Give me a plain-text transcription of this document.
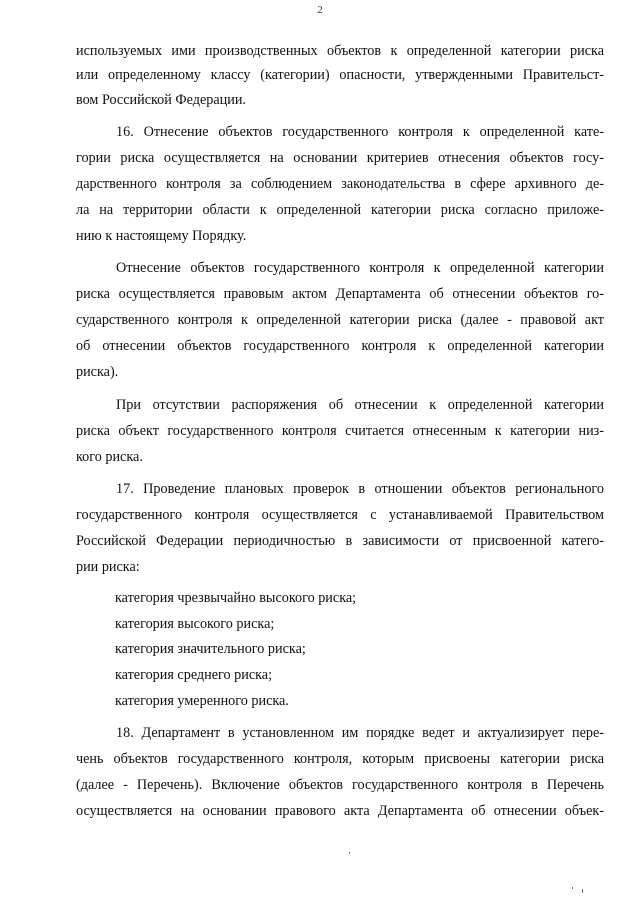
2
используемых ими производственных объектов к определенной категории риска
или определенному классу (категории) опасности, утвержденными Правительст-
вом Российской Федерации.
16. Отнесение объектов государственного контроля к определенной кате-
гории риска осуществляется на основании критериев отнесения объектов госу-
дарственного контроля за соблюдением законодательства в сфере архивного де-
ла на территории области к определенной категории риска согласно приложе-
нию к настоящему Порядку.
Отнесение объектов государственного контроля к определенной категории
риска осуществляется правовым актом Департамента об отнесении объектов го-
сударственного контроля к определенной категории риска (далее - правовой акт
об отнесении объектов государственного контроля к определенной категории
риска).
При отсутствии распоряжения об отнесении к определенной категории
риска объект государственного контроля считается отнесенным к категории низ-
кого риска.
17. Проведение плановых проверок в отношении объектов регионального
государственного контроля осуществляется с устанавливаемой Правительством
Российской Федерации периодичностью в зависимости от присвоенной катего-
рии риска:
категория чрезвычайно высокого риска;
категория высокого риска;
категория значительного риска;
категория среднего риска;
категория умеренного риска.
18. Департамент в установленном им порядке ведет и актуализирует пере-
чень объектов государственного контроля, которым присвоены категории риска
(далее - Перечень). Включение объектов государственного контроля в Перечень
осуществляется на основании правового акта Департамента об отнесении объек-
